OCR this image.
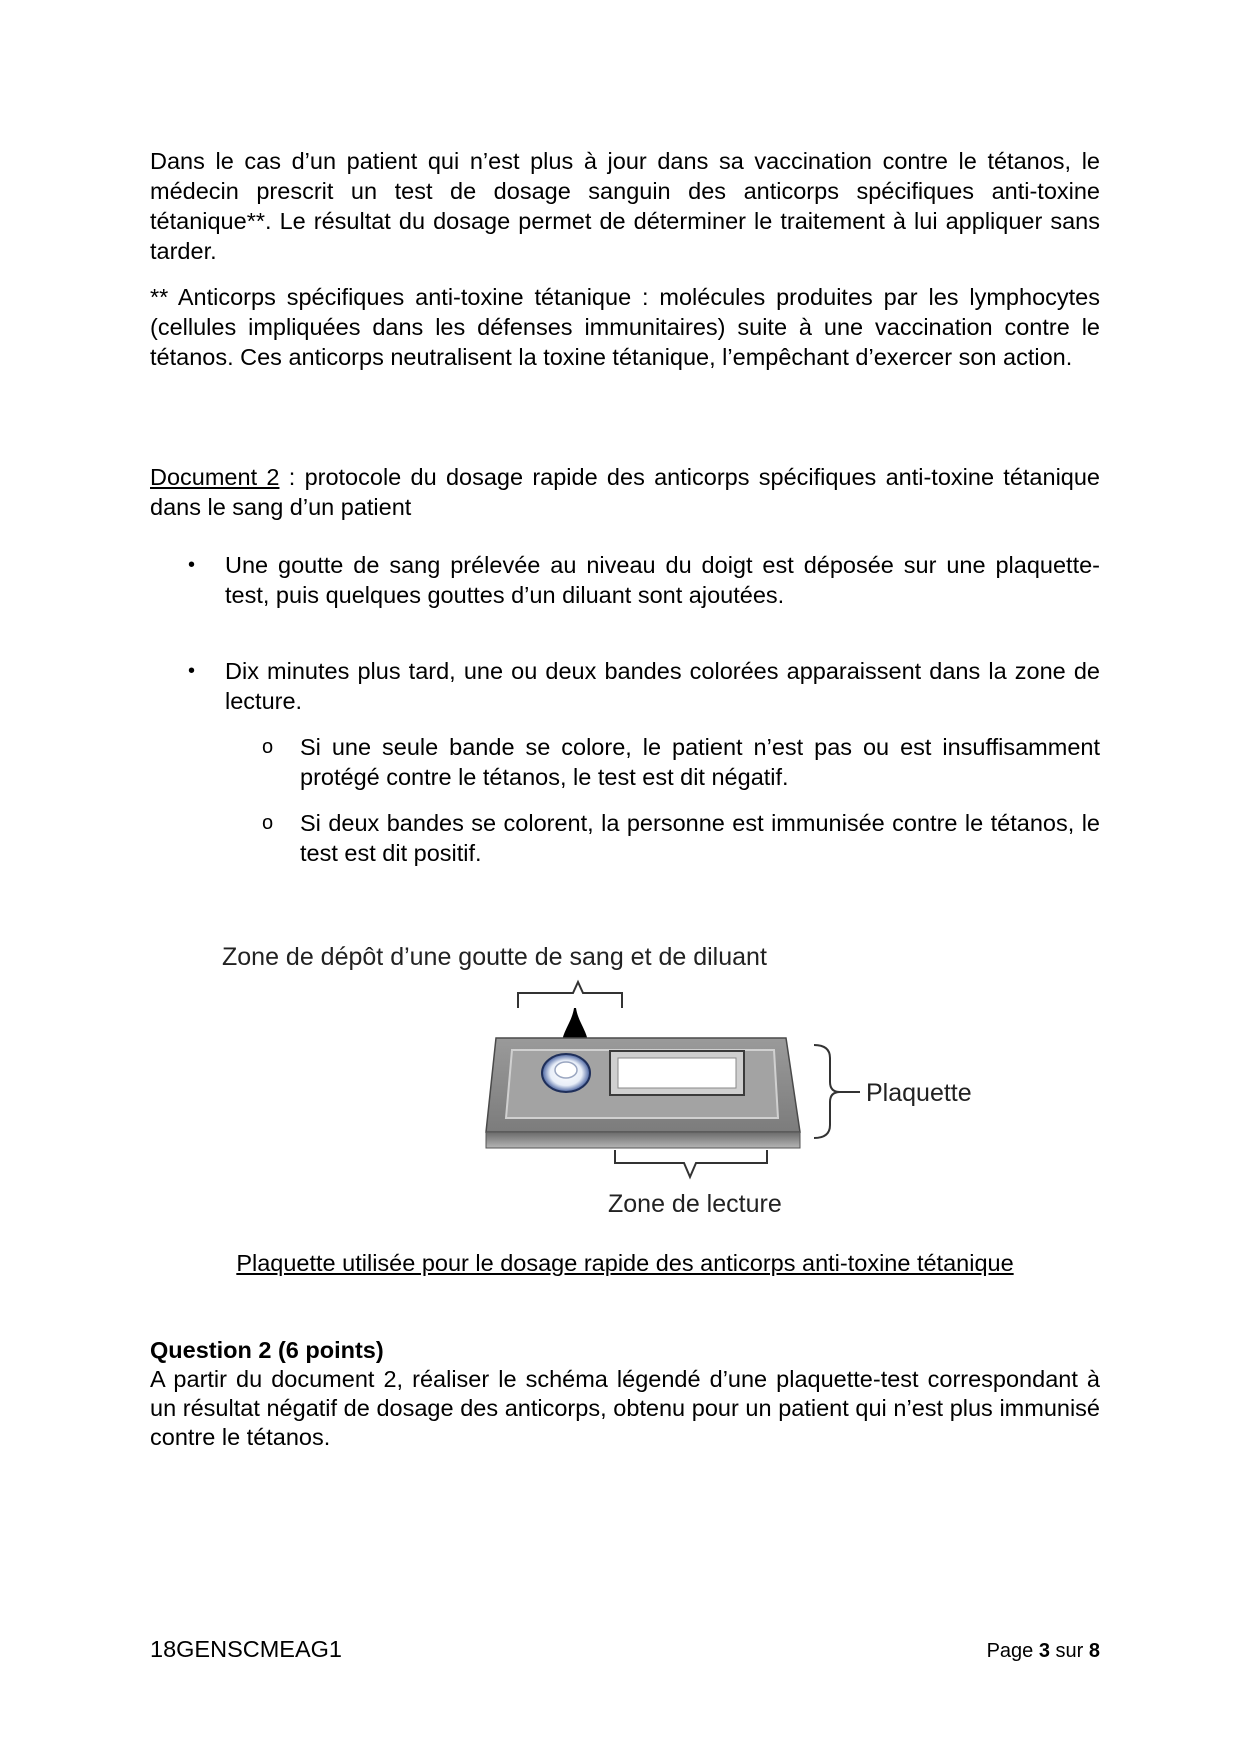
Dans le cas d’un patient qui n’est plus à jour dans sa vaccination contre le tétanos, le médecin prescrit un test de dosage sanguin des anticorps spécifiques anti-toxine tétanique**. Le résultat du dosage permet de déterminer le traitement à lui appliquer sans tarder.

** Anticorps spécifiques anti-toxine tétanique : molécules produites par les lymphocytes (cellules impliquées dans les défenses immunitaires) suite à une vaccination contre le tétanos. Ces anticorps neutralisent la toxine tétanique, l’empêchant d’exercer son action.

Document 2 : protocole du dosage rapide des anticorps spécifiques anti-toxine tétanique dans le sang d’un patient

• Une goutte de sang prélevée au niveau du doigt est déposée sur une plaquette-test, puis quelques gouttes d’un diluant sont ajoutées.
• Dix minutes plus tard, une ou deux bandes colorées apparaissent dans la zone de lecture.
o Si une seule bande se colore, le patient n’est pas ou est insuffisamment protégé contre le tétanos, le test est dit négatif.
o Si deux bandes se colorent, la personne est immunisée contre le tétanos, le test est dit positif.
Zone de dépôt d’une goutte de sang et de diluant
Plaquette
Zone de lecture
Plaquette utilisée pour le dosage rapide des anticorps anti-toxine tétanique
Question 2 (6 points)

A partir du document 2, réaliser le schéma légendé d’une plaquette-test correspondant à un résultat négatif de dosage des anticorps, obtenu pour un patient qui n’est plus immunisé contre le tétanos.

18GENSCMEAG1	Page 3 sur 8
